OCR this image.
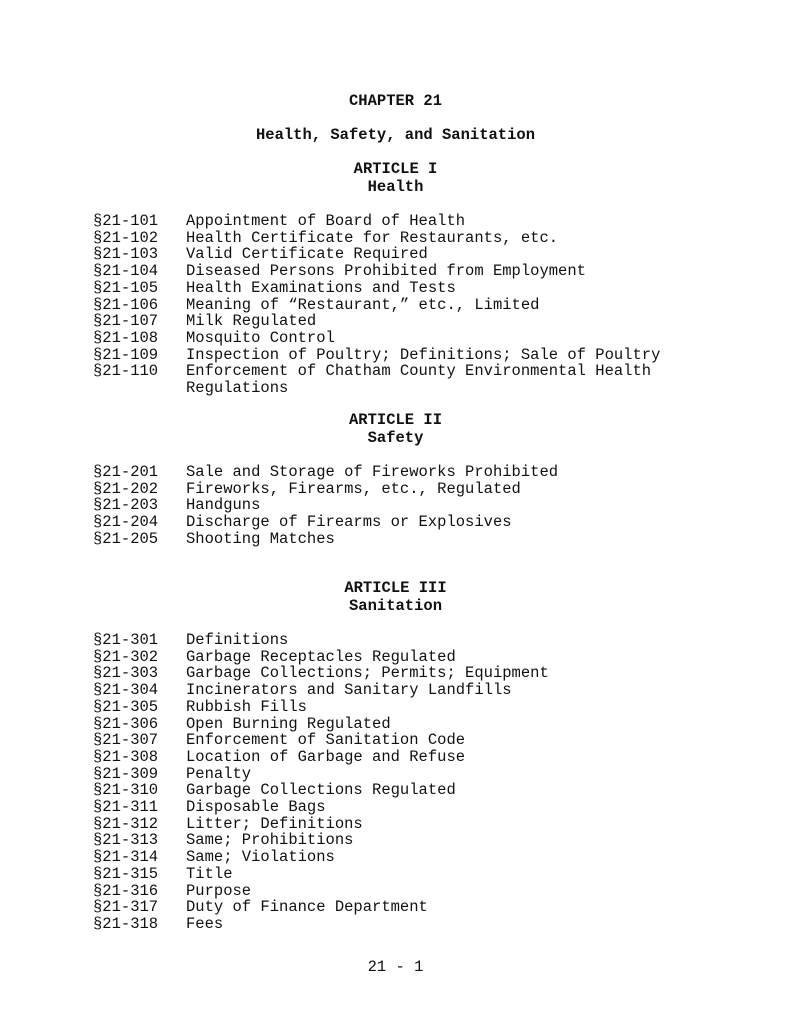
CHAPTER 21
Health, Safety, and Sanitation
ARTICLE I
Health
§21-101	Appointment of Board of Health
§21-102	Health Certificate for Restaurants, etc.
§21-103	Valid Certificate Required
§21-104	Diseased Persons Prohibited from Employment
§21-105	Health Examinations and Tests
§21-106	Meaning of “Restaurant,” etc., Limited
§21-107	Milk Regulated
§21-108	Mosquito Control
§21-109	Inspection of Poultry; Definitions; Sale of Poultry
§21-110	Enforcement of Chatham County Environmental Health
Regulations
ARTICLE II
Safety
§21-201	Sale and Storage of Fireworks Prohibited
§21-202	Fireworks, Firearms, etc., Regulated
§21-203	Handguns
§21-204	Discharge of Firearms or Explosives
§21-205	Shooting Matches
ARTICLE III
Sanitation
§21-301	Definitions
§21-302	Garbage Receptacles Regulated
§21-303	Garbage Collections; Permits; Equipment
§21-304	Incinerators and Sanitary Landfills
§21-305	Rubbish Fills
§21-306	Open Burning Regulated
§21-307	Enforcement of Sanitation Code
§21-308	Location of Garbage and Refuse
§21-309	Penalty
§21-310	Garbage Collections Regulated
§21-311	Disposable Bags
§21-312	Litter; Definitions
§21-313	Same; Prohibitions
§21-314	Same; Violations
§21-315	Title
§21-316	Purpose
§21-317	Duty of Finance Department
§21-318	Fees
21 - 1
